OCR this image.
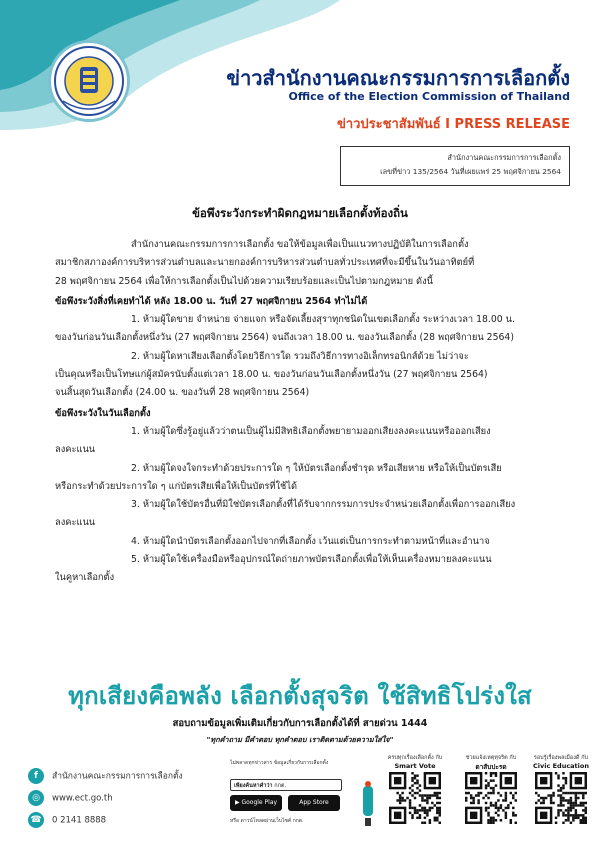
ข่าวสำนักงานคณะกรรมการการเลือกตั้ง
Office of the Election Commission of Thailand
ข่าวประชาสัมพันธ์ I PRESS RELEASE
สำนักงานคณะกรรมการการเลือกตั้ง
เลขที่ข่าว 135/2564 วันที่เผยแพร่ 25 พฤศจิกายน 2564
ข้อพึงระวังกระทำผิดกฎหมายเลือกตั้งท้องถิ่น

สำนักงานคณะกรรมการการเลือกตั้ง ขอให้ข้อมูลเพื่อเป็นแนวทางปฏิบัติในการเลือกตั้ง

สมาชิกสภาองค์การบริหารส่วนตำบลและนายกองค์การบริหารส่วนตำบลทั่วประเทศที่จะมีขึ้นในวันอาทิตย์ที่

28 พฤศจิกายน 2564 เพื่อให้การเลือกตั้งเป็นไปด้วยความเรียบร้อยและเป็นไปตามกฎหมาย ดังนี้

ข้อพึงระวังสิ่งที่เคยทำได้ หลัง 18.00 น. วันที่ 27 พฤศจิกายน 2564 ทำไม่ได้

1. ห้ามผู้ใดขาย จำหน่าย จ่ายแจก หรือจัดเลี้ยงสุราทุกชนิดในเขตเลือกตั้ง ระหว่างเวลา 18.00 น.

ของวันก่อนวันเลือกตั้งหนึ่งวัน (27 พฤศจิกายน 2564) จนถึงเวลา 18.00 น. ของวันเลือกตั้ง (28 พฤศจิกายน 2564)

2. ห้ามผู้ใดหาเสียงเลือกตั้งโดยวิธีการใด รวมถึงวิธีการทางอิเล็กทรอนิกส์ด้วย ไม่ว่าจะ

เป็นคุณหรือเป็นโทษแก่ผู้สมัครนับตั้งแต่เวลา 18.00 น. ของวันก่อนวันเลือกตั้งหนึ่งวัน (27 พฤศจิกายน 2564)

จนสิ้นสุดวันเลือกตั้ง (24.00 น. ของวันที่ 28 พฤศจิกายน 2564)

ข้อพึงระวังในวันเลือกตั้ง

1. ห้ามผู้ใดซึ่งรู้อยู่แล้วว่าตนเป็นผู้ไม่มีสิทธิเลือกตั้งพยายามออกเสียงลงคะแนนหรือออกเสียง

ลงคะแนน

2. ห้ามผู้ใดจงใจกระทำด้วยประการใด ๆ ให้บัตรเลือกตั้งชำรุด หรือเสียหาย หรือให้เป็นบัตรเสีย

หรือกระทำด้วยประการใด ๆ แก่บัตรเสียเพื่อให้เป็นบัตรที่ใช้ได้

3. ห้ามผู้ใดใช้บัตรอื่นที่มิใช่บัตรเลือกตั้งที่ได้รับจากกรรมการประจำหน่วยเลือกตั้งเพื่อการออกเสียง

ลงคะแนน

4. ห้ามผู้ใดนำบัตรเลือกตั้งออกไปจากที่เลือกตั้ง เว้นแต่เป็นการกระทำตามหน้าที่และอำนาจ

5. ห้ามผู้ใดใช้เครื่องมือหรืออุปกรณ์ใดถ่ายภาพบัตรเลือกตั้งเพื่อให้เห็นเครื่องหมายลงคะแนน

ในคูหาเลือกตั้ง

ทุกเสียงคือพลัง เลือกตั้งสุจริต ใช้สิทธิโปร่งใส
สอบถามข้อมูลเพิ่มเติมเกี่ยวกับการเลือกตั้งได้ที่ สายด่วน 1444
"ทุกคำถาม มีคำตอบ ทุกคำตอบ เราติดตามด้วยความใส่ใจ"
f สำนักงานคณะกรรมการการเลือกตั้ง
◎ www.ect.go.th
☎ 0 2141 8888
ไม่พลาดทุกข่าวสาร ข้อมูลเกี่ยวกับการเลือกตั้ง
เพียงค้นหาคำว่า กกต.
▶ Google Play	App Store
หรือ ดาวน์โหลดผ่านเว็บไซต์ กกต.
ครบทุกเรื่องเลือกตั้ง กับ
Smart Vote
ช่วยแจ้งเหตุทุจริต กับ
ตาสับปะรด
รอบรู้เรื่องพลเมืองดี กับ
Civic Education
